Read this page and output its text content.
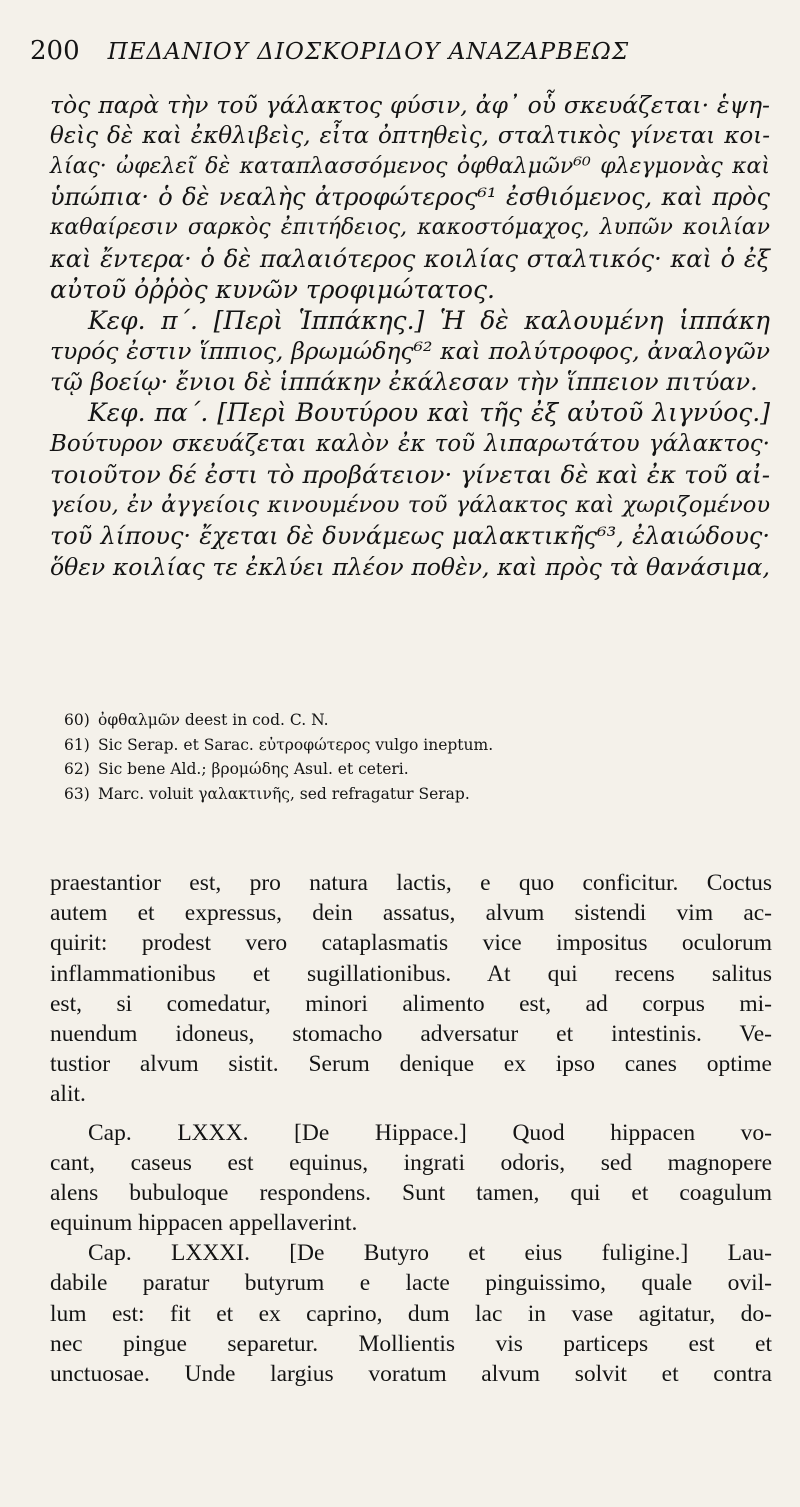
200 ΠΕΔΑΝΙΟΥ ΔΙΟΣΚΟΡΙΔΟΥ ΑΝΑΖΑΡΒΕΩΣ
τὸς παρὰ τὴν τοῦ γάλακτος φύσιν, ἀφ᾿ οὗ σκευάζεται· ἑψη-
θεὶς δὲ καὶ ἐκθλιβεὶς, εἶτα ὀπτηθεὶς, σταλτικὸς γίνεται κοι-
λίας· ὠφελεῖ δὲ καταπλασσόμενος ὀφθαλμῶν⁶⁰ φλεγμονὰς καὶ
ὑπώπια· ὁ δὲ νεαλὴς ἀτροφώτερος⁶¹ ἐσθιόμενος, καὶ πρὸς
καθαίρεσιν σαρκὸς ἐπιτήδειος, κακοστόμαχος, λυπῶν κοιλίαν
καὶ ἔντερα· ὁ δὲ παλαιότερος κοιλίας σταλτικός· καὶ ὁ ἐξ
αὐτοῦ ὀῤῥὸς κυνῶν τροφιμώτατος.
Κεφ. π´. [Περὶ Ἱππάκης.] Ἡ δὲ καλουμένη ἱππάκη
τυρός ἐστιν ἵππιος, βρωμώδης⁶² καὶ πολύτροφος, ἀναλογῶν
τῷ βοείῳ· ἔνιοι δὲ ἱππάκην ἐκάλεσαν τὴν ἵππειον πιτύαν.
Κεφ. πα´. [Περὶ Βουτύρου καὶ τῆς ἐξ αὐτοῦ λιγνύος.]
Βούτυρον σκευάζεται καλὸν ἐκ τοῦ λιπαρωτάτου γάλακτος·
τοιοῦτον δέ ἐστι τὸ προβάτειον· γίνεται δὲ καὶ ἐκ τοῦ αἰ-
γείου, ἐν ἀγγείοις κινουμένου τοῦ γάλακτος καὶ χωριζομένου
τοῦ λίπους· ἔχεται δὲ δυνάμεως μαλακτικῆς⁶³, ἐλαιώδους·
ὅθεν κοιλίας τε ἐκλύει πλέον ποθὲν, καὶ πρὸς τὰ θανάσιμα,
60) ὀφθαλμῶν deest in cod. C. N.
61) Sic Serap. et Sarac. εὐτροφώτερος vulgo ineptum.
62) Sic bene Ald.; βρομώδης Asul. et ceteri.
63) Marc. voluit γαλακτινῆς, sed refragatur Serap.
praestantior est, pro natura lactis, e quo conficitur. Coctus
autem et expressus, dein assatus, alvum sistendi vim ac-
quirit: prodest vero cataplasmatis vice impositus oculorum
inflammationibus et sugillationibus. At qui recens salitus
est, si comedatur, minori alimento est, ad corpus mi-
nuendum idoneus, stomacho adversatur et intestinis. Ve-
tustior alvum sistit. Serum denique ex ipso canes optime
alit.
Cap. LXXX. [De Hippace.] Quod hippacen vo-
cant, caseus est equinus, ingrati odoris, sed magnopere
alens bubuloque respondens. Sunt tamen, qui et coagulum
equinum hippacen appellaverint.
Cap. LXXXI. [De Butyro et eius fuligine.] Lau-
dabile paratur butyrum e lacte pinguissimo, quale ovil-
lum est: fit et ex caprino, dum lac in vase agitatur, do-
nec pingue separetur. Mollientis vis particeps est et
unctuosae. Unde largius voratum alvum solvit et contra
